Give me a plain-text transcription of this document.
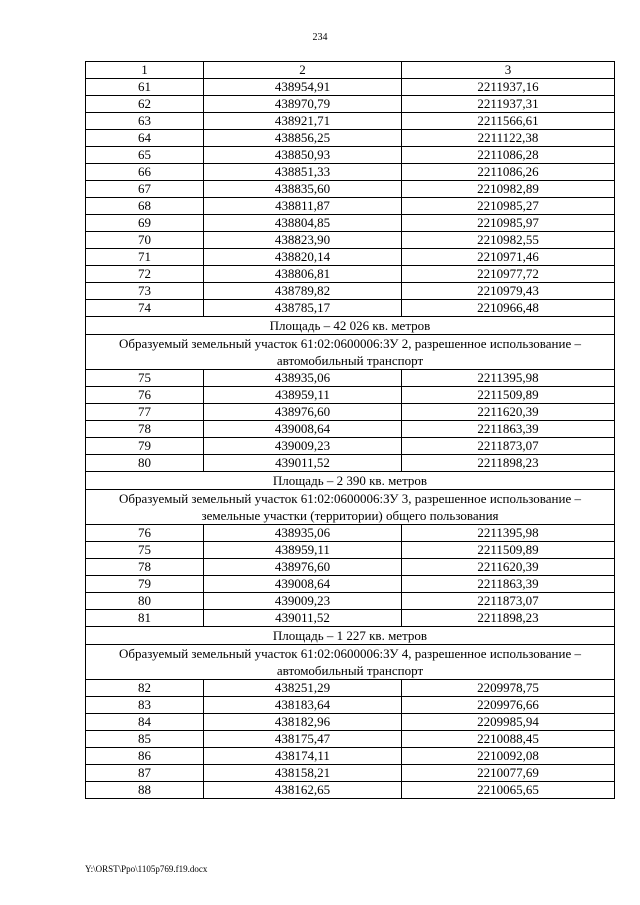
234
1	2	3
61	438954,91	2211937,16
62	438970,79	2211937,31
63	438921,71	2211566,61
64	438856,25	2211122,38
65	438850,93	2211086,28
66	438851,33	2211086,26
67	438835,60	2210982,89
68	438811,87	2210985,27
69	438804,85	2210985,97
70	438823,90	2210982,55
71	438820,14	2210971,46
72	438806,81	2210977,72
73	438789,82	2210979,43
74	438785,17	2210966,48
Площадь – 42 026 кв. метров		
Образуемый земельный участок 61:02:0600006:ЗУ 2, разрешенное использование – автомобильный транспорт		
75	438935,06	2211395,98
76	438959,11	2211509,89
77	438976,60	2211620,39
78	439008,64	2211863,39
79	439009,23	2211873,07
80	439011,52	2211898,23
Площадь – 2 390 кв. метров		
Образуемый земельный участок 61:02:0600006:ЗУ 3, разрешенное использование – земельные участки (территории) общего пользования		
76	438935,06	2211395,98
75	438959,11	2211509,89
78	438976,60	2211620,39
79	439008,64	2211863,39
80	439009,23	2211873,07
81	439011,52	2211898,23
Площадь – 1 227 кв. метров		
Образуемый земельный участок 61:02:0600006:ЗУ 4, разрешенное использование – автомобильный транспорт		
82	438251,29	2209978,75
83	438183,64	2209976,66
84	438182,96	2209985,94
85	438175,47	2210088,45
86	438174,11	2210092,08
87	438158,21	2210077,69
88	438162,65	2210065,65
Y:\ORST\Ppo\1105p769.f19.docx
